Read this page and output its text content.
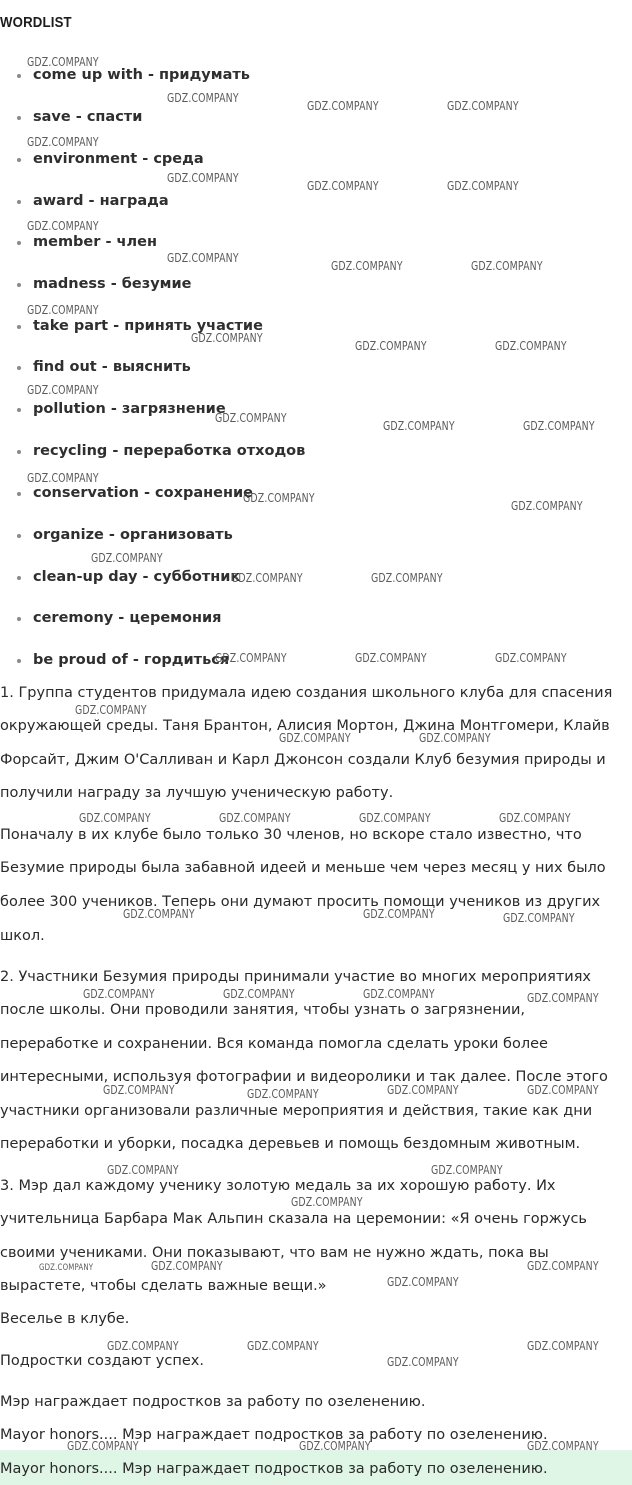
WORDLIST
come up with - придумать
save - спасти
environment - среда
award - награда
member - член
madness - безумие
take part - принять участие
find out - выяснить
pollution - загрязнение
recycling - переработка отходов
conservation - сохранение
organize - организовать
clean-up day - субботник
ceremony - церемония
be proud of - гордиться
1. Группа студентов придумала идею создания школьного клуба для спасения
окружающей среды. Таня Брантон, Алисия Мортон, Джина Монтгомери, Клайв
Форсайт, Джим О'Салливан и Карл Джонсон создали Клуб безумия природы и
получили награду за лучшую ученическую работу.
Поначалу в их клубе было только 30 членов, но вскоре стало известно, что
Безумие природы была забавной идеей и меньше чем через месяц у них было
более 300 учеников. Теперь они думают просить помощи учеников из других
школ.
2. Участники Безумия природы принимали участие во многих мероприятиях
после школы. Они проводили занятия, чтобы узнать о загрязнении,
переработке и сохранении. Вся команда помогла сделать уроки более
интересными, используя фотографии и видеоролики и так далее. После этого
участники организовали различные мероприятия и действия, такие как дни
переработки и уборки, посадка деревьев и помощь бездомным животным.
3. Мэр дал каждому ученику золотую медаль за их хорошую работу. Их
учительница Барбара Мак Альпин сказала на церемонии: «Я очень горжусь
своими учениками. Они показывают, что вам не нужно ждать, пока вы
вырастете, чтобы сделать важные вещи.»
Веселье в клубе.
Подростки создают успех.
Мэр награждает подростков за работу по озеленению.
Mayor honors.... Мэр награждает подростков за работу по озеленению.
Mayor honors.... Мэр награждает подростков за работу по озеленению.
GDZ.COMPANY
GDZ.COMPANY
GDZ.COMPANY	GDZ.COMPANY
GDZ.COMPANY
GDZ.COMPANY
GDZ.COMPANY	GDZ.COMPANY
GDZ.COMPANY
GDZ.COMPANY
GDZ.COMPANY	GDZ.COMPANY
GDZ.COMPANY
GDZ.COMPANY
GDZ.COMPANY	GDZ.COMPANY
GDZ.COMPANY
GDZ.COMPANY
GDZ.COMPANY	GDZ.COMPANY
GDZ.COMPANY
GDZ.COMPANY
GDZ.COMPANY
GDZ.COMPANY
GDZ.COMPANY	GDZ.COMPANY
GDZ.COMPANY	GDZ.COMPANY	GDZ.COMPANY
GDZ.COMPANY
GDZ.COMPANY	GDZ.COMPANY
GDZ.COMPANY	GDZ.COMPANY	GDZ.COMPANY	GDZ.COMPANY
GDZ.COMPANY	GDZ.COMPANY	GDZ.COMPANY
GDZ.COMPANY	GDZ.COMPANY	GDZ.COMPANY	GDZ.COMPANY
GDZ.COMPANY	GDZ.COMPANY	GDZ.COMPANY	GDZ.COMPANY
GDZ.COMPANY	GDZ.COMPANY
GDZ.COMPANY
GDZ.COMPANY	GDZ.COMPANY	GDZ.COMPANY
GDZ.COMPANY
GDZ.COMPANY	GDZ.COMPANY	GDZ.COMPANY
GDZ.COMPANY
GDZ.COMPANY	GDZ.COMPANY	GDZ.COMPANY
